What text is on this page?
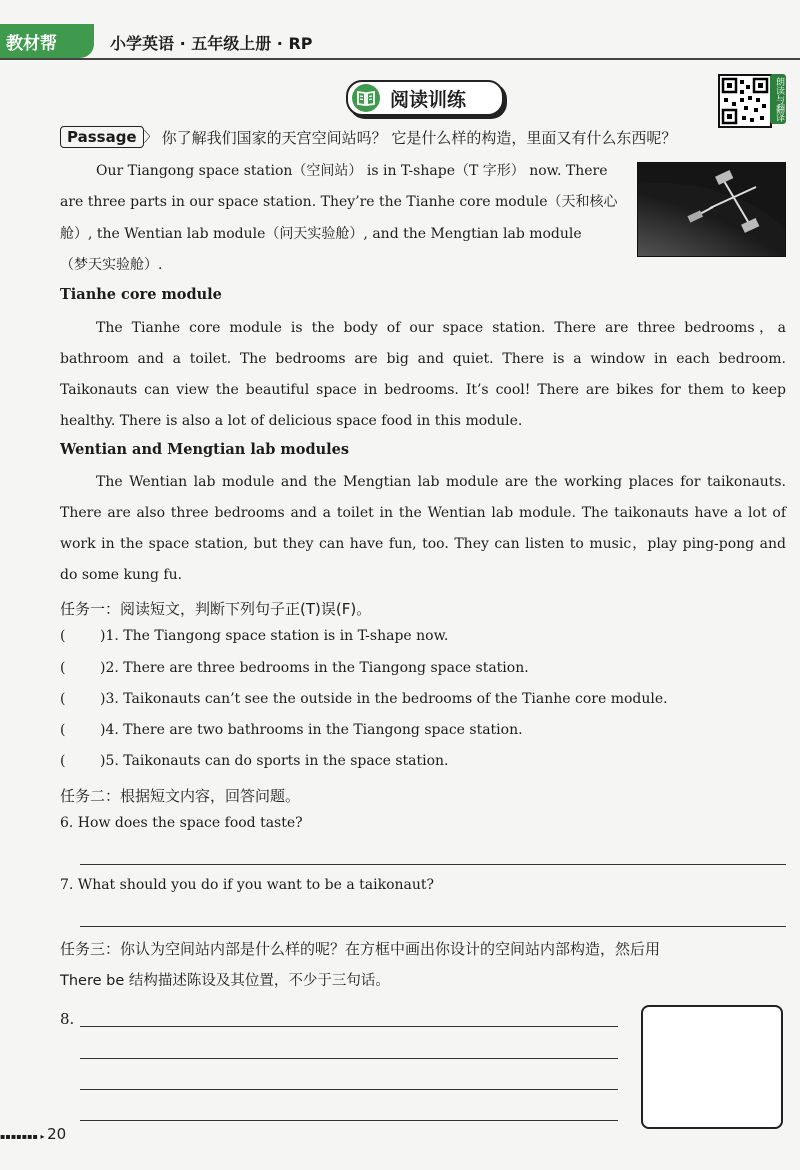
教材帮	小学英语 · 五年级上册 · RP
阅读训练	朗读与翻译
Passage 〉 你了解我们国家的天宫空间站吗？ 它是什么样的构造，里面又有什么东西呢？
Our Tiangong space station（空间站） is in T-shape（T 字形） now. There
are three parts in our space station. They’re the Tianhe core module（天和核心
舱）, the Wentian lab module（问天实验舱）, and the Mengtian lab module
（梦天实验舱）.
Tianhe core module
The Tianhe core module is the body of our space station. There are three bedrooms，a bathroom and a toilet. The bedrooms are big and quiet. There is a window in each bedroom. Taikonauts can view the beautiful space in bedrooms. It’s cool! There are bikes for them to keep healthy. There is also a lot of delicious space food in this module.
Wentian and Mengtian lab modules
The Wentian lab module and the Mengtian lab module are the working places for taikonauts. There are also three bedrooms and a toilet in the Wentian lab module. The taikonauts have a lot of work in the space station, but they can have fun, too. They can listen to music，play ping-pong and do some kung fu.
任务一：阅读短文，判断下列句子正(T)误(F)。
(	)1. The Tiangong space station is in T-shape now.
(	)2. There are three bedrooms in the Tiangong space station.
(	)3. Taikonauts can’t see the outside in the bedrooms of the Tianhe core module.
(	)4. There are two bathrooms in the Tiangong space station.
(	)5. Taikonauts can do sports in the space station.
任务二：根据短文内容，回答问题。
6. How does the space food taste?
7. What should you do if you want to be a taikonaut?
任务三：你认为空间站内部是什么样的呢？在方框中画出你设计的空间站内部构造，然后用
There be 结构描述陈设及其位置，不少于三句话。
8.
▪▪▪▪▪▪▪ ▸ 20
